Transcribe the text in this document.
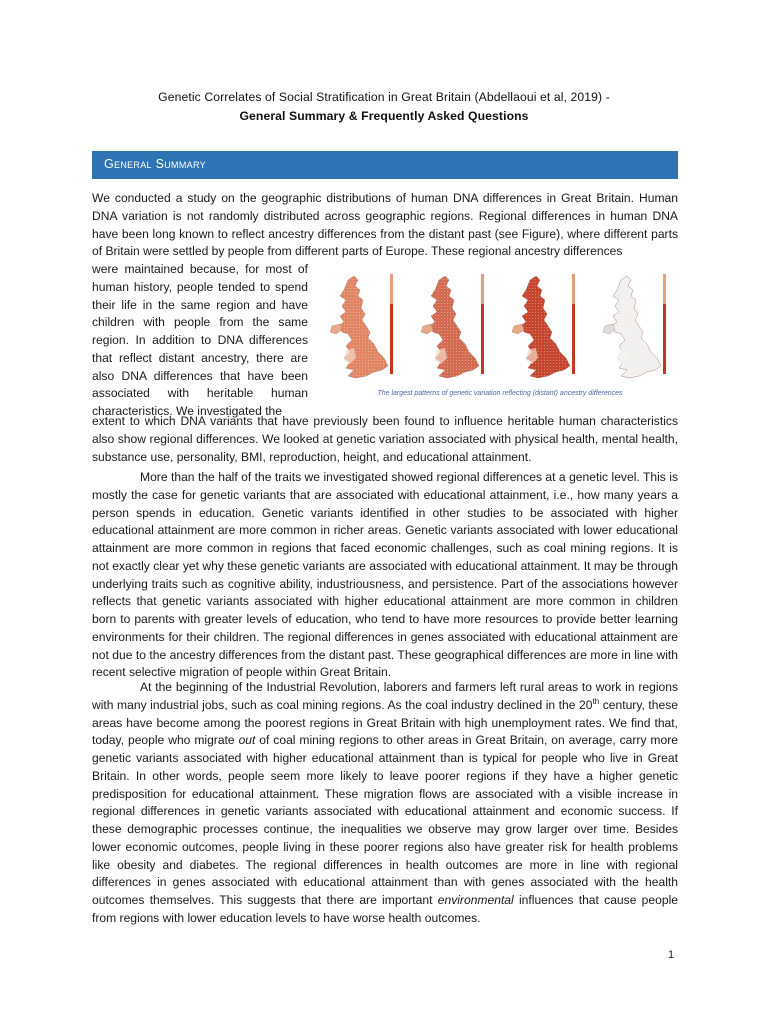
Genetic Correlates of Social Stratification in Great Britain (Abdellaoui et al, 2019) -
General Summary & Frequently Asked Questions
General Summary
We conducted a study on the geographic distributions of human DNA differences in Great Britain. Human DNA variation is not randomly distributed across geographic regions. Regional differences in human DNA have been long known to reflect ancestry differences from the distant past (see Figure), where different parts of Britain were settled by people from different parts of Europe. These regional ancestry differences
were maintained because, for most of human history, people tended to spend their life in the same region and have children with people from the same region. In addition to DNA differences that reflect distant ancestry, there are also DNA differences that have been associated with heritable human characteristics. We investigated the
The largest patterns of genetic variation reflecting (distant) ancestry differences
extent to which DNA variants that have previously been found to influence heritable human characteristics also show regional differences. We looked at genetic variation associated with physical health, mental health, substance use, personality, BMI, reproduction, height, and educational attainment.
More than the half of the traits we investigated showed regional differences at a genetic level. This is mostly the case for genetic variants that are associated with educational attainment, i.e., how many years a person spends in education. Genetic variants identified in other studies to be associated with higher educational attainment are more common in richer areas. Genetic variants associated with lower educational attainment are more common in regions that faced economic challenges, such as coal mining regions. It is not exactly clear yet why these genetic variants are associated with educational attainment. It may be through underlying traits such as cognitive ability, industriousness, and persistence. Part of the associations however reflects that genetic variants associated with higher educational attainment are more common in children born to parents with greater levels of education, who tend to have more resources to provide better learning environments for their children. The regional differences in genes associated with educational attainment are not due to the ancestry differences from the distant past. These geographical differences are more in line with recent selective migration of people within Great Britain.
At the beginning of the Industrial Revolution, laborers and farmers left rural areas to work in regions with many industrial jobs, such as coal mining regions. As the coal industry declined in the 20th century, these areas have become among the poorest regions in Great Britain with high unemployment rates. We find that, today, people who migrate out of coal mining regions to other areas in Great Britain, on average, carry more genetic variants associated with higher educational attainment than is typical for people who live in Great Britain. In other words, people seem more likely to leave poorer regions if they have a higher genetic predisposition for educational attainment. These migration flows are associated with a visible increase in regional differences in genetic variants associated with educational attainment and economic success. If these demographic processes continue, the inequalities we observe may grow larger over time. Besides lower economic outcomes, people living in these poorer regions also have greater risk for health problems like obesity and diabetes. The regional differences in health outcomes are more in line with regional differences in genes associated with educational attainment than with genes associated with the health outcomes themselves. This suggests that there are important environmental influences that cause people from regions with lower education levels to have worse health outcomes.
1
